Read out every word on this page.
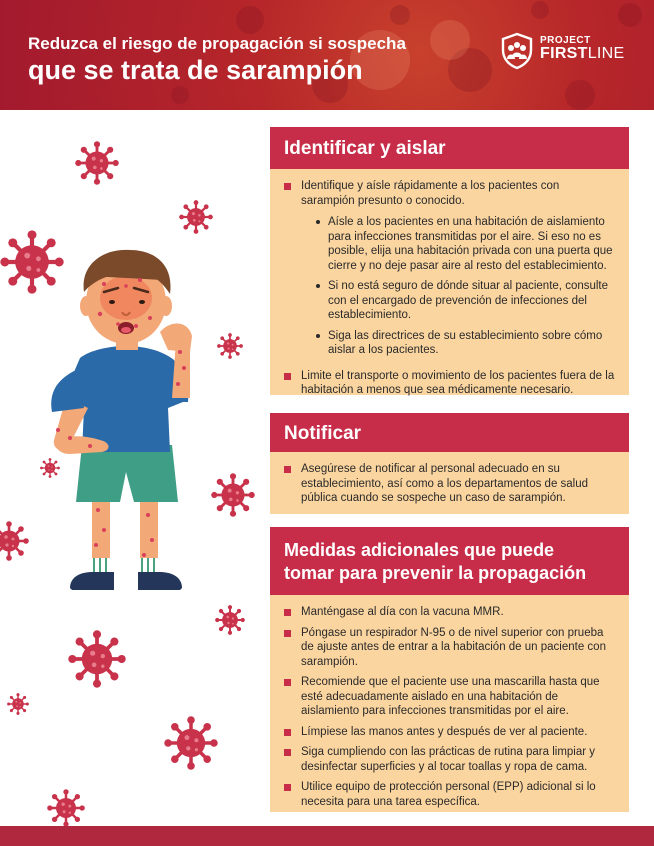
Reduzca el riesgo de propagación si sospecha
que se trata de sarampión
PROJECT
FIRSTLINE
Identificar y aislar
Identifique y aísle rápidamente a los pacientes con sarampión presunto o conocido.
Aísle a los pacientes en una habitación de aislamiento para infecciones transmitidas por el aire. Si eso no es posible, elija una habitación privada con una puerta que cierre y no deje pasar aire al resto del establecimiento.
Si no está seguro de dónde situar al paciente, consulte con el encargado de prevención de infecciones del establecimiento.
Siga las directrices de su establecimiento sobre cómo aislar a los pacientes.
Limite el transporte o movimiento de los pacientes fuera de la habitación a menos que sea médicamente necesario.
Notificar
Asegúrese de notificar al personal adecuado en su establecimiento, así como a los departamentos de salud pública cuando se sospeche un caso de sarampión.
Medidas adicionales que puede
tomar para prevenir la propagación
Manténgase al día con la vacuna MMR.
Póngase un respirador N-95 o de nivel superior con prueba de ajuste antes de entrar a la habitación de un paciente con sarampión.
Recomiende que el paciente use una mascarilla hasta que esté adecuadamente aislado en una habitación de aislamiento para infecciones transmitidas por el aire.
Límpiese las manos antes y después de ver al paciente.
Siga cumpliendo con las prácticas de rutina para limpiar y desinfectar superficies y al tocar toallas y ropa de cama.
Utilice equipo de protección personal (EPP) adicional si lo necesita para una tarea específica.
